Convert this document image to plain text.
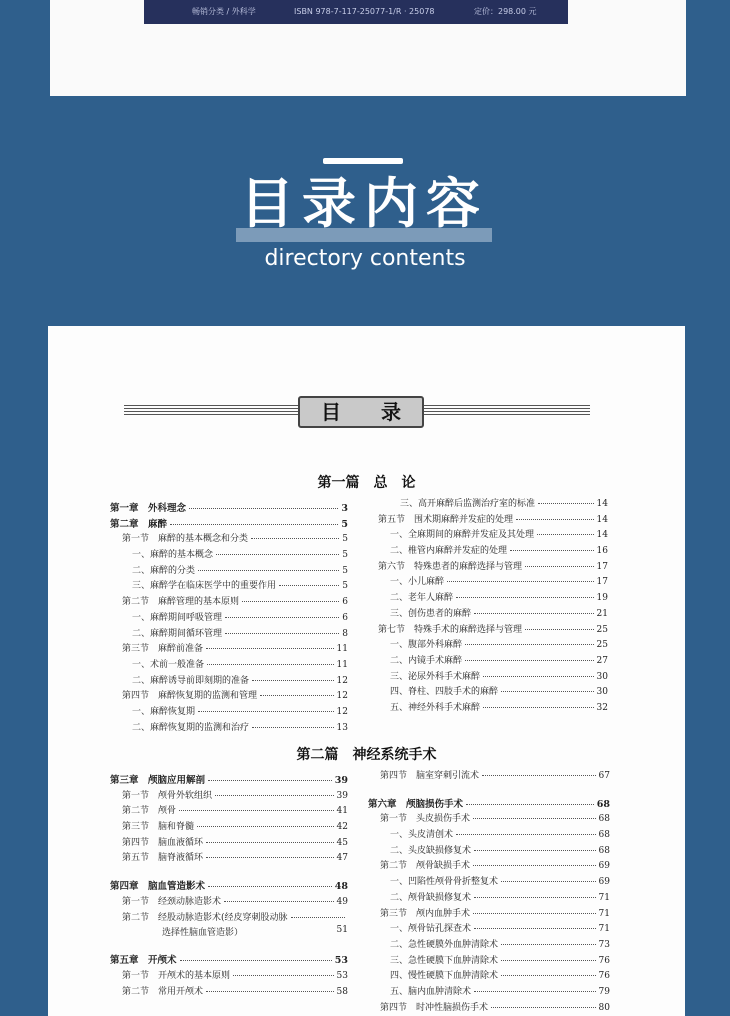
畅销分类 / 外科学	ISBN 978-7-117-25077-1/R · 25078	定价：298.00 元
目录内容
directory contents
目　　录
第一篇　总　论
第二篇　神经系统手术
第一章　外科理念	3
第二章　麻醉	5
第一节　麻醉的基本概念和分类	5
一、麻醉的基本概念	5
二、麻醉的分类	5
三、麻醉学在临床医学中的重要作用	5
第二节　麻醉管理的基本原则	6
一、麻醉期间呼吸管理	6
二、麻醉期间循环管理	8
第三节　麻醉前准备	11
一、术前一般准备	11
二、麻醉诱导前即刻期的准备	12
第四节　麻醉恢复期的监测和管理	12
一、麻醉恢复期	12
二、麻醉恢复期的监测和治疗	13
三、高开麻醉后监测治疗室的标准	14
第五节　围术期麻醉并发症的处理	14
一、全麻期间的麻醉并发症及其处理	14
二、椎管内麻醉并发症的处理	16
第六节　特殊患者的麻醉选择与管理	17
一、小儿麻醉	17
二、老年人麻醉	19
三、创伤患者的麻醉	21
第七节　特殊手术的麻醉选择与管理	25
一、腹部外科麻醉	25
二、内镜手术麻醉	27
三、泌尿外科手术麻醉	30
四、脊柱、四肢手术的麻醉	30
五、神经外科手术麻醉	32
第三章　颅脑应用解剖	39
第一节　颅骨外软组织	39
第二节　颅骨	41
第三节　脑和脊髓	42
第四节　脑血液循环	45
第五节　脑脊液循环	47
第四章　脑血管造影术	48
第一节　经颈动脉造影术	49
第二节　经股动脉造影术(经皮穿刺股动脉
选择性脑血管造影）	51
第五章　开颅术	53
第一节　开颅术的基本原则	53
第二节　常用开颅术	58
第四节　脑室穿刺引流术	67
第六章　颅脑损伤手术	68
第一节　头皮损伤手术	68
一、头皮清创术	68
二、头皮缺损修复术	68
第二节　颅骨缺损手术	69
一、凹陷性颅骨骨折整复术	69
二、颅骨缺损修复术	71
第三节　颅内血肿手术	71
一、颅骨钻孔探查术	71
二、急性硬膜外血肿清除术	73
三、急性硬膜下血肿清除术	76
四、慢性硬膜下血肿清除术	76
五、脑内血肿清除术	79
第四节　时冲性脑损伤手术	80
